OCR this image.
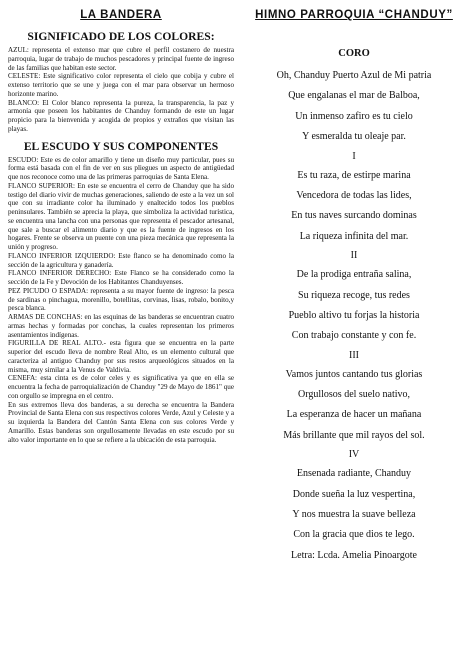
LA BANDERA
SIGNIFICADO DE LOS COLORES:

AZUL: representa el extenso mar que cubre el perfil costanero de nuestra parroquia, lugar de trabajo de muchos pescadores y principal fuente de ingreso de las familias que habitan este sector.

CELESTE: Este significativo color representa el cielo que cobija y cubre el extenso territorio que se une y juega con el mar para observar un hermoso horizonte marino.

BLANCO: El Color blanco representa la pureza, la transparencia, la paz y armonía que poseen los habitantes de Chanduy formando de este un lugar propicio para la bienvenida y acogida de propios y extraños que visitan las playas.

EL ESCUDO Y SUS COMPONENTES

ESCUDO: Este es de color amarillo y tiene un diseño muy particular, pues su forma está basada con el fin de ver en sus pliegues un aspecto de antigüedad que nos reconoce como una de las primeras parroquias de Santa Elena.

FLANCO SUPERIOR: En este se encuentra el cerro de Chanduy que ha sido testigo del diario vivir de muchas generaciones, saliendo de este a la vez un sol que con su irradiante color ha iluminado y enaltecido todos los pueblos peninsulares. También se aprecia la playa, que simboliza la actividad turística, se encuentra una lancha con una personas que representa el pescador artesanal, que sale a buscar el alimento diario y que es la fuente de ingresos en los hogares. Frente se observa un puente con una pieza mecánica que representa la unión y progreso.

FLANCO INFERIOR IZQUIERDO: Este flanco se ha denominado como la sección de la agricultura y ganadería.

FLANCO INFERIOR DERECHO: Este Flanco se ha considerado como la sección de la Fe y Devoción de los Habitantes Chanduyenses.

PEZ PICUDO O ESPADA: representa a su mayor fuente de ingreso: la pesca de sardinas o pinchagua, morenillo, botellitas, corvinas, lisas, robalo, bonito,y pesca blanca.

ARMAS DE CONCHAS: en las esquinas de las banderas se encuentran cuatro armas hechas y formadas por conchas, la cuales representan los primeros asentamientos indígenas.

FIGURILLA DE REAL ALTO.- esta figura que se encuentra en la parte superior del escudo lleva de nombre Real Alto, es un elemento cultural que caracteriza al antiguo Chanduy por sus restos arqueológicos situados en la misma, muy similar a la Venus de Valdivia.

CENEFA: esta cinta es de color celes y es significativa ya que en ella se encuentra la fecha de parroquialización de Chanduy "29 de Mayo de 1861" que con orgullo se impregna en el centro.

En sus extremos lleva dos banderas, a su derecha se encuentra la Bandera Provincial de Santa Elena con sus respectivos colores Verde, Azul y Celeste y a su izquierda la Bandera del Cantón Santa Elena con sus colores Verde y Amarillo. Estas banderas son orgullosamente llevadas en este escudo por su alto valor importante en lo que se refiere a la ubicación de esta parroquia.

HIMNO PARROQUIA “CHANDUY”
CORO
Oh, Chanduy Puerto Azul de Mi patria
Que engalanas el mar de Balboa,
Un inmenso zafiro es tu cielo
Y esmeralda tu oleaje par.
I
Es tu raza, de estirpe marina
Vencedora de todas las lides,
En tus naves surcando dominas
La riqueza infinita del mar.
II
De la prodiga entraña salina,
Su riqueza recoge, tus redes
Pueblo altivo tu forjas la historia
Con trabajo constante y con fe.
III
Vamos juntos cantando tus glorias
Orgullosos del suelo nativo,
La esperanza de hacer un mañana
Más brillante que mil rayos del sol.
IV
Ensenada radiante, Chanduy
Donde sueña la luz vespertina,
Y nos muestra la suave belleza
Con la gracia que dios te lego.
Letra: Lcda. Amelia Pinoargote
